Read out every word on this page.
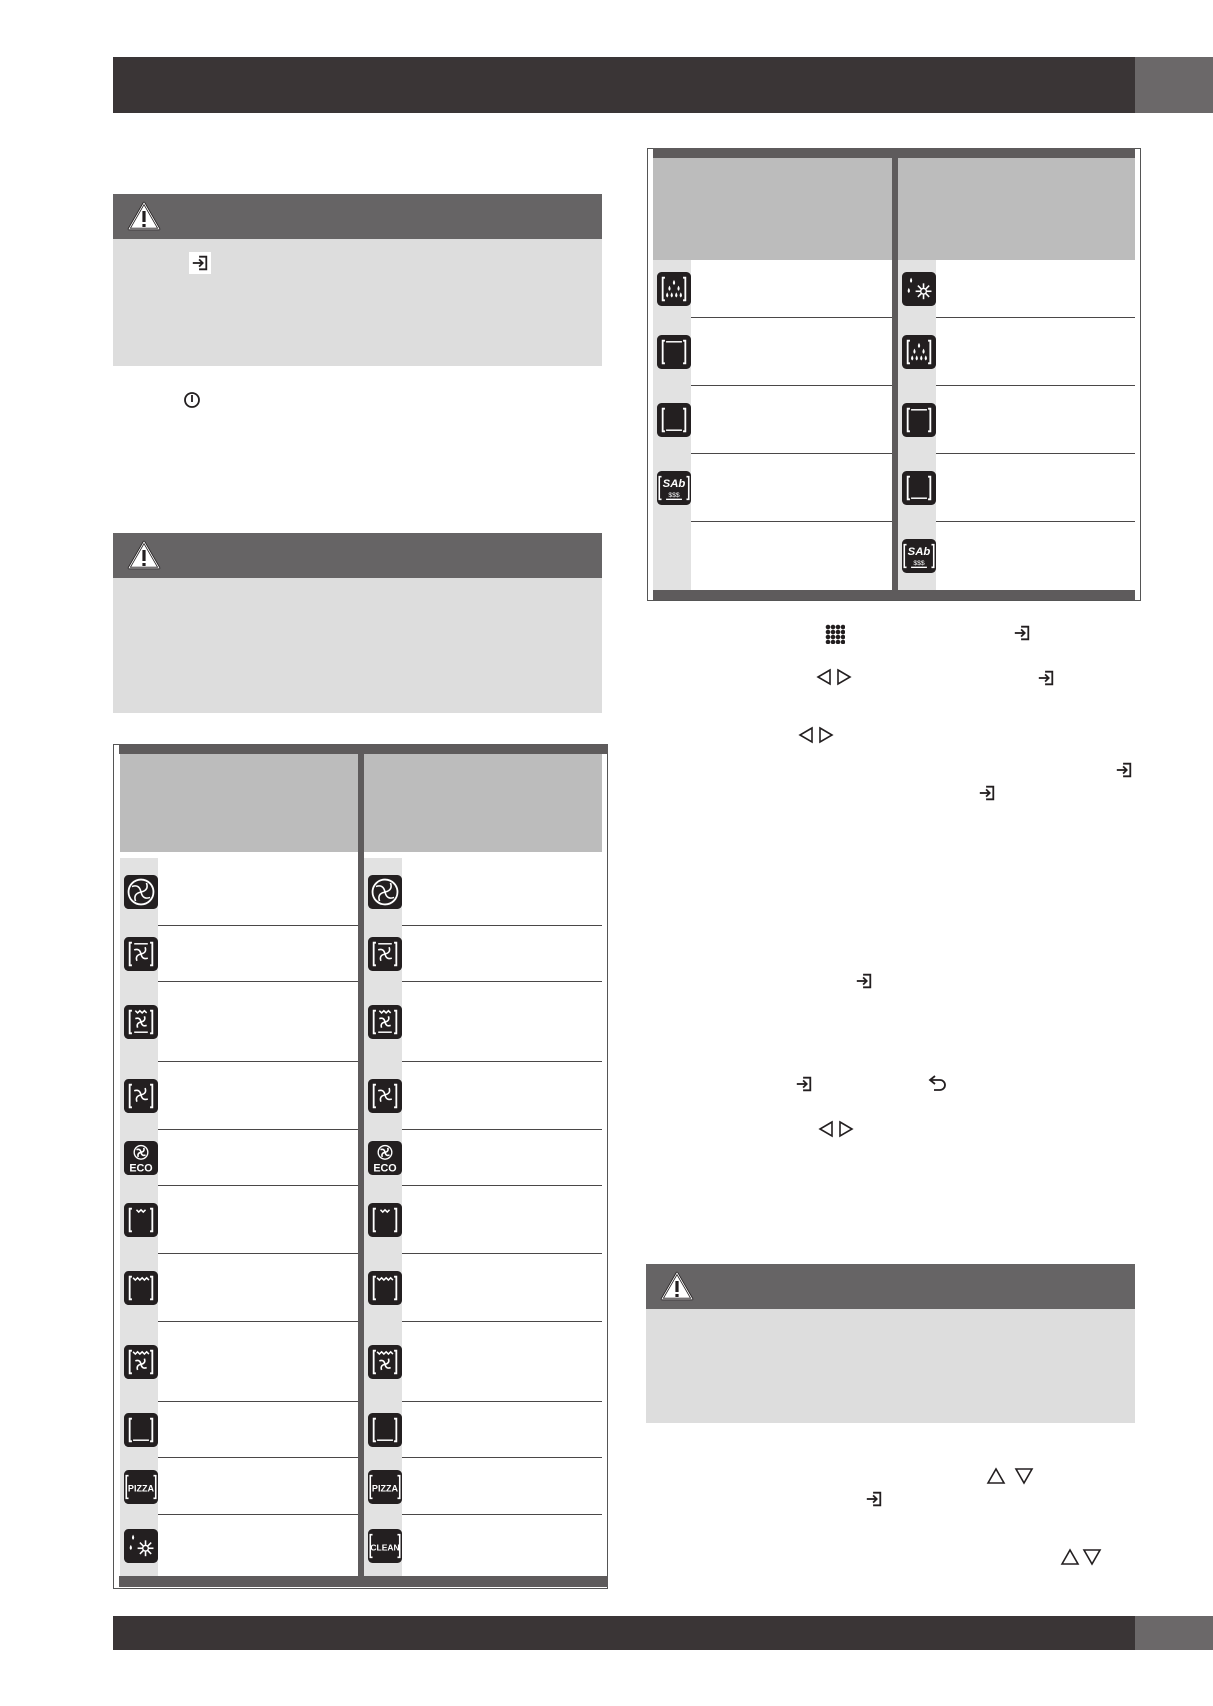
ECO
PIZZA
ECO
PIZZA
CLEAN
SAb
$$$
SAb
$$$
